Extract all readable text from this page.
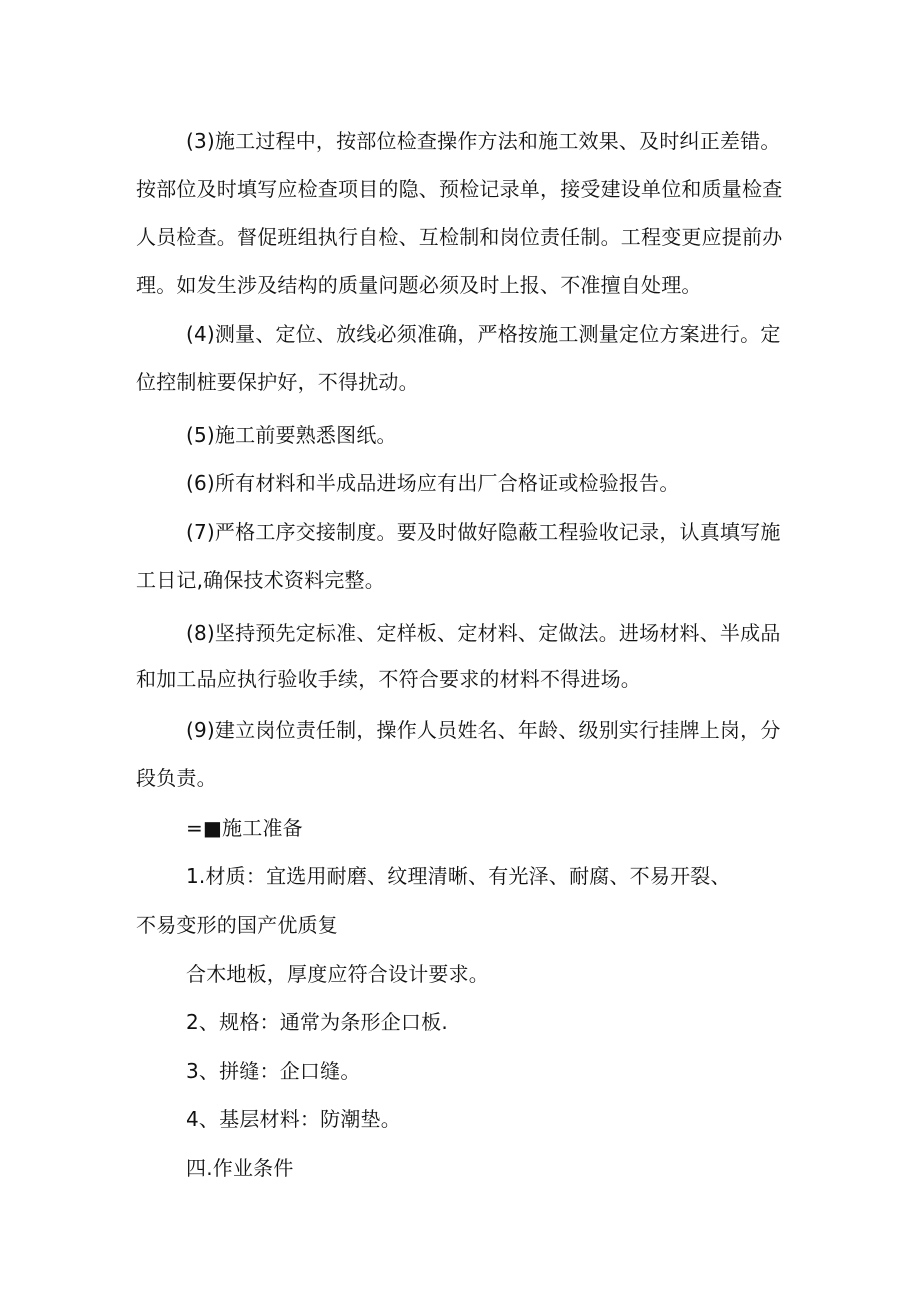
(3)施工过程中，按部位检查操作方法和施工效果、及时纠正差错。
按部位及时填写应检查项目的隐、预检记录单，接受建设单位和质量检查
人员检查。督促班组执行自检、互检制和岗位责任制。工程变更应提前办
理。如发生涉及结构的质量问题必须及时上报、不准擅自处理。
(4)测量、定位、放线必须准确，严格按施工测量定位方案进行。定
位控制桩要保护好，不得扰动。
(5)施工前要熟悉图纸。
(6)所有材料和半成品进场应有出厂合格证或检验报告。
(7)严格工序交接制度。要及时做好隐蔽工程验收记录，认真填写施
工日记,确保技术资料完整。
(8)坚持预先定标准、定样板、定材料、定做法。进场材料、半成品
和加工品应执行验收手续，不符合要求的材料不得进场。
(9)建立岗位责任制，操作人员姓名、年龄、级别实行挂牌上岗，分
段负责。
=■施工准备
1.材质：宜选用耐磨、纹理清晰、有光泽、耐腐、不易开裂、
不易变形的国产优质复
合木地板，厚度应符合设计要求。
2、规格：通常为条形企口板.
3、拼缝：企口缝。
4、基层材料：防潮垫。
四.作业条件
